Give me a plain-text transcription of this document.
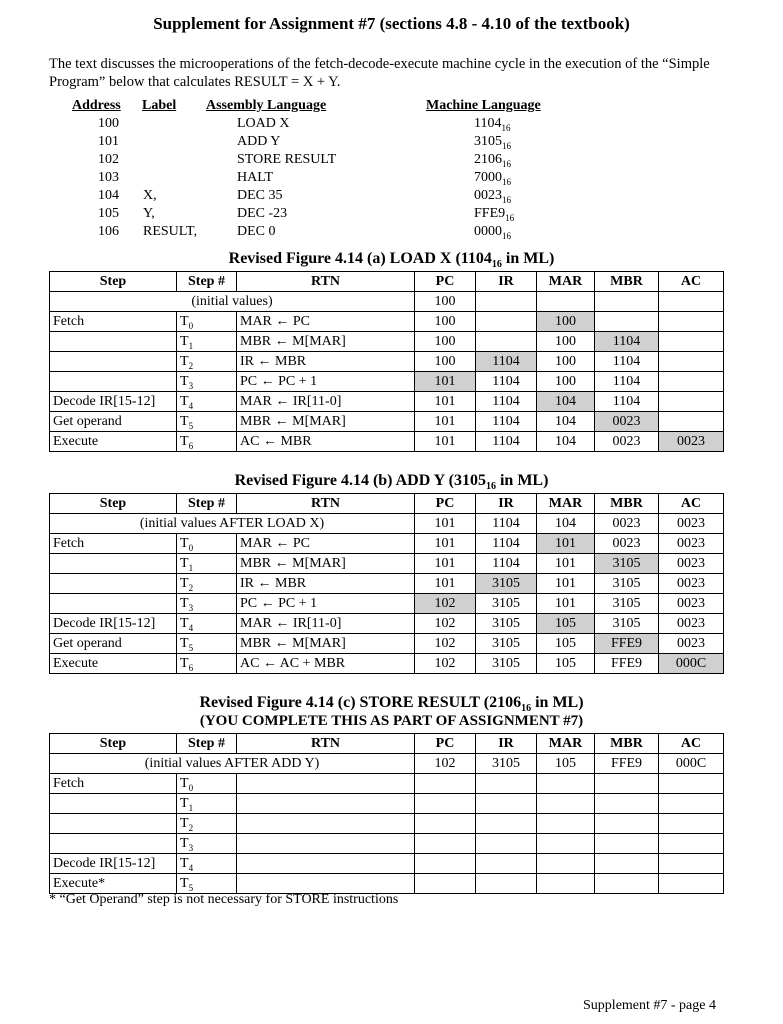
Supplement for Assignment #7 (sections 4.8 - 4.10 of the textbook)
The text discusses the microoperations of the fetch-decode-execute machine cycle in the execution of the “Simple Program” below that calculates RESULT = X + Y.
Address Label Assembly Language	Machine Language
100	LOAD X	$1104_{16}$
101	ADD Y	$3105_{16}$
102	STORE RESULT	$2106_{16}$
103	HALT	$7000_{16}$
104 X,	DEC 35	$0023_{16}$
105 Y,	DEC -23	$FFE9_{16}$
106 RESULT,	DEC 0	$0000_{16}$
Revised Figure 4.14 (a) LOAD X ($1104_{16}$ in ML)
Step	Step #	RTN	PC	IR	MAR	MBR	AC
(initial values)			100				
Fetch	$T_0$	MAR ← PC	100		100		
	$T_1$	MBR ← M[MAR]	100		100	1104	
	$T_2$	IR ← MBR	100	1104	100	1104	
	$T_3$	PC ← PC + 1	101	1104	100	1104	
Decode IR[15-12]	$T_4$	MAR ← IR[11-0]	101	1104	104	1104	
Get operand	$T_5$	MBR ← M[MAR]	101	1104	104	0023	
Execute	$T_6$	AC ← MBR	101	1104	104	0023	0023
Revised Figure 4.14 (b) ADD Y ($3105_{16}$ in ML)
Step	Step #	RTN	PC	IR	MAR	MBR	AC
(initial values AFTER LOAD X)			101	1104	104	0023	0023
Fetch	$T_0$	MAR ← PC	101	1104	101	0023	0023
	$T_1$	MBR ← M[MAR]	101	1104	101	3105	0023
	$T_2$	IR ← MBR	101	3105	101	3105	0023
	$T_3$	PC ← PC + 1	102	3105	101	3105	0023
Decode IR[15-12]	$T_4$	MAR ← IR[11-0]	102	3105	105	3105	0023
Get operand	$T_5$	MBR ← M[MAR]	102	3105	105	FFE9	0023
Execute	$T_6$	AC ← AC + MBR	102	3105	105	FFE9	000C
Revised Figure 4.14 (c) STORE RESULT ($2106_{16}$ in ML)
(YOU COMPLETE THIS AS PART OF ASSIGNMENT #7)
Step	Step #	RTN	PC	IR	MAR	MBR	AC
(initial values AFTER ADD Y)			102	3105	105	FFE9	000C
Fetch	$T_0$						
	$T_1$						
	$T_2$						
	$T_3$						
Decode IR[15-12]	$T_4$						
Execute*	$T_5$						
* “Get Operand” step is not necessary for STORE instructions
Supplement #7 - page 4
